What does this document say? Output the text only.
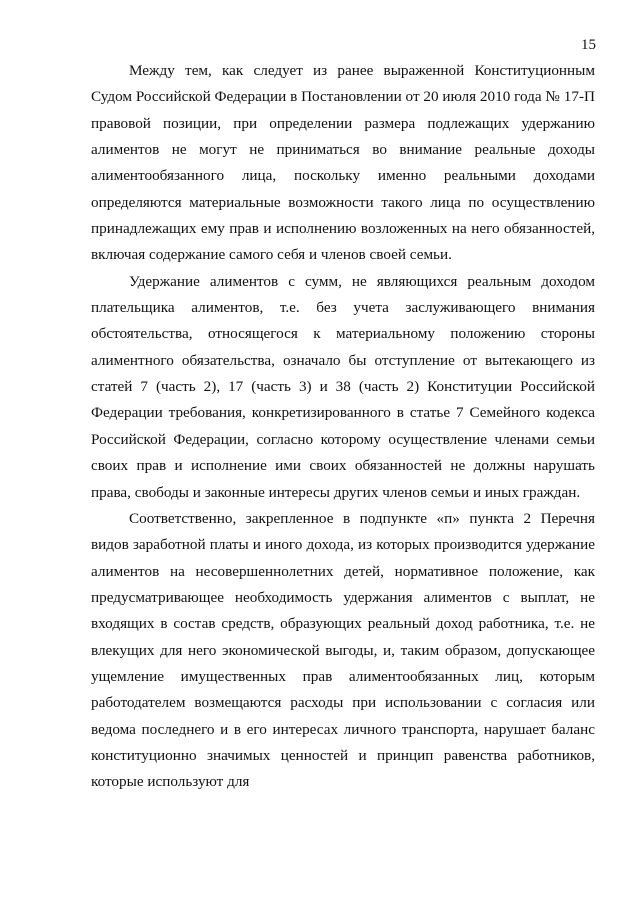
15

Между тем, как следует из ранее выраженной Конституционным Судом Российской Федерации в Постановлении от 20 июля 2010 года № 17-П правовой позиции, при определении размера подлежащих удержанию алиментов не могут не приниматься во внимание реальные доходы алиментообязанного лица, поскольку именно реальными доходами определяются материальные возможности такого лица по осуществлению принадлежащих ему прав и исполнению возложенных на него обязанностей, включая содержание самого себя и членов своей семьи.

Удержание алиментов с сумм, не являющихся реальным доходом плательщика алиментов, т.е. без учета заслуживающего внимания обстоятельства, относящегося к материальному положению стороны алиментного обязательства, означало бы отступление от вытекающего из статей 7 (часть 2), 17 (часть 3) и 38 (часть 2) Конституции Российской Федерации требования, конкретизированного в статье 7 Семейного кодекса Российской Федерации, согласно которому осуществление членами семьи своих прав и исполнение ими своих обязанностей не должны нарушать права, свободы и законные интересы других членов семьи и иных граждан.

Соответственно, закрепленное в подпункте «п» пункта 2 Перечня видов заработной платы и иного дохода, из которых производится удержание алиментов на несовершеннолетних детей, нормативное положение, как предусматривающее необходимость удержания алиментов с выплат, не входящих в состав средств, образующих реальный доход работника, т.е. не влекущих для него экономической выгоды, и, таким образом, допускающее ущемление имущественных прав алиментообязанных лиц, которым работодателем возмещаются расходы при использовании с согласия или ведома последнего и в его интересах личного транспорта, нарушает баланс конституционно значимых ценностей и принцип равенства работников, которые используют для
